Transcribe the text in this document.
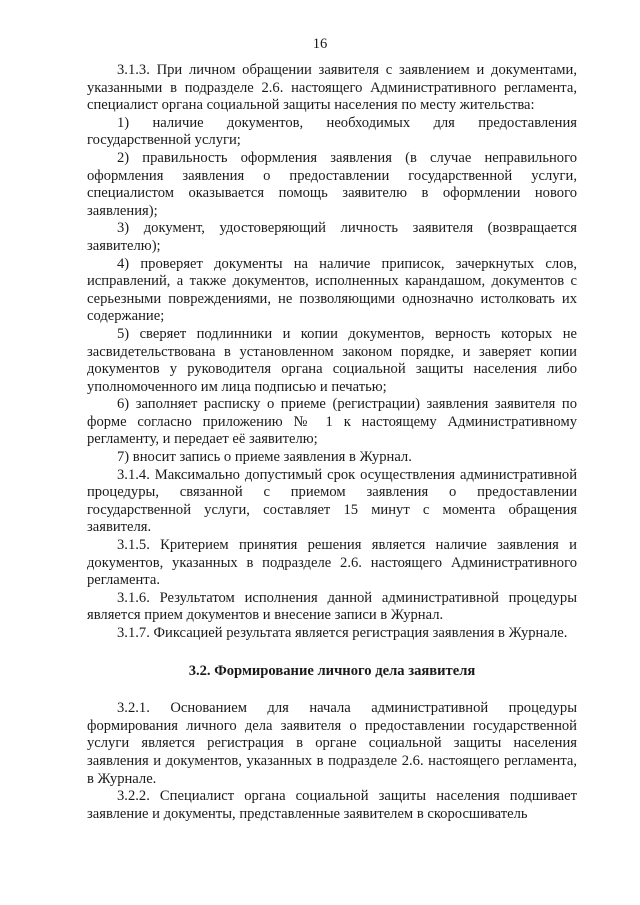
16

3.1.3. При личном обращении заявителя с заявлением и документами, указанными в подразделе 2.6. настоящего Административного регламента, специалист органа социальной защиты населения по месту жительства:

1) наличие документов, необходимых для предоставления государственной услуги;

2) правильность оформления заявления (в случае неправильного оформления заявления о предоставлении государственной услуги, специалистом оказывается помощь заявителю в оформлении нового заявления);

3) документ, удостоверяющий личность заявителя (возвращается заявителю);

4) проверяет документы на наличие приписок, зачеркнутых слов, исправлений, а также документов, исполненных карандашом, документов с серьезными повреждениями, не позволяющими однозначно истолковать их содержание;

5) сверяет подлинники и копии документов, верность которых не засвидетельствована в установленном законом порядке, и заверяет копии документов у руководителя органа социальной защиты населения либо уполномоченного им лица подписью и печатью;

6) заполняет расписку о приеме (регистрации) заявления заявителя по форме согласно приложению № 1 к настоящему Административному регламенту, и передает её заявителю;

7) вносит запись о приеме заявления в Журнал.

3.1.4. Максимально допустимый срок осуществления административной процедуры, связанной с приемом заявления о предоставлении государственной услуги, составляет 15 минут с момента обращения заявителя.

3.1.5. Критерием принятия решения является наличие заявления и документов, указанных в подразделе 2.6. настоящего Административного регламента.

3.1.6. Результатом исполнения данной административной процедуры является прием документов и внесение записи в Журнал.

3.1.7. Фиксацией результата является регистрация заявления в Журнале.

3.2. Формирование личного дела заявителя

3.2.1. Основанием для начала административной процедуры формирования личного дела заявителя о предоставлении государственной услуги является регистрация в органе социальной защиты населения заявления и документов, указанных в подразделе 2.6. настоящего регламента, в Журнале.

3.2.2. Специалист органа социальной защиты населения подшивает заявление и документы, представленные заявителем в скоросшиватель
